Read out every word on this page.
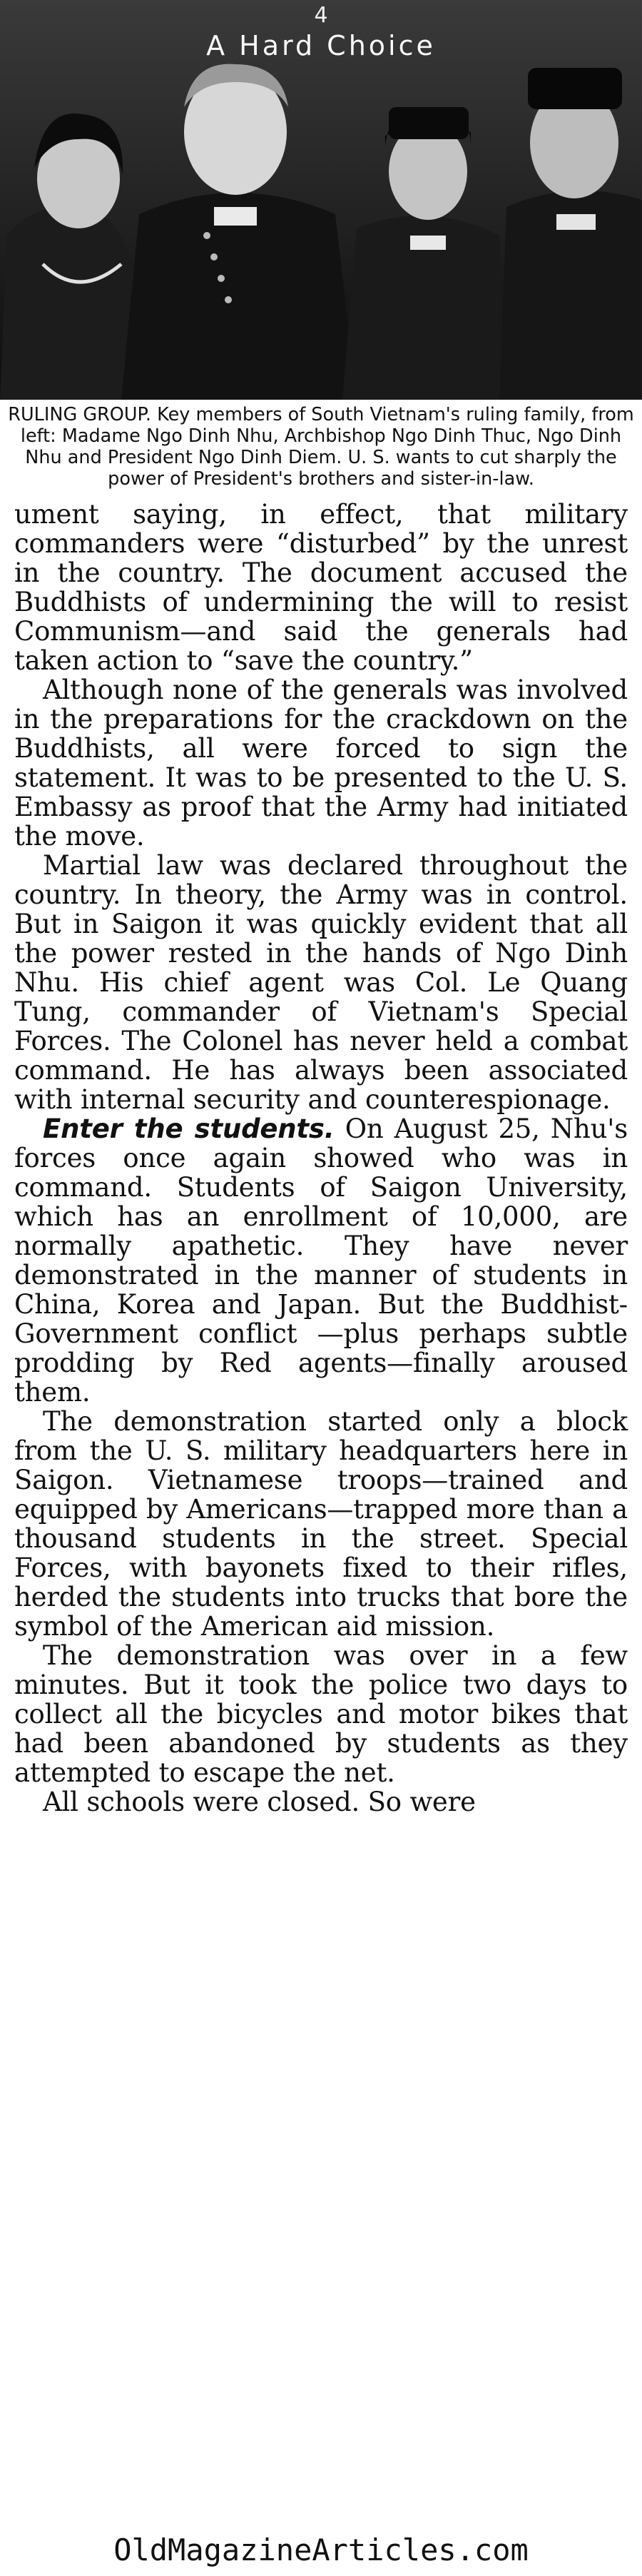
4
A Hard Choice
RULING GROUP. Key members of South Vietnam's ruling family, from left: Madame Ngo Dinh Nhu, Archbishop Ngo Dinh Thuc, Ngo Dinh Nhu and President Ngo Dinh Diem. U. S. wants to cut sharply the power of President's brothers and sister-in-law.

ument saying, in effect, that military commanders were “disturbed” by the unrest in the country. The document accused the Buddhists of undermining the will to resist Communism—and said the generals had taken action to “save the country.”

Although none of the generals was involved in the preparations for the crackdown on the Buddhists, all were forced to sign the statement. It was to be presented to the U. S. Embassy as proof that the Army had initiated the move.

Martial law was declared throughout the country. In theory, the Army was in control. But in Saigon it was quickly evident that all the power rested in the hands of Ngo Dinh Nhu. His chief agent was Col. Le Quang Tung, commander of Vietnam's Special Forces. The Colonel has never held a combat command. He has always been associated with internal security and counterespionage.

Enter the students. On August 25, Nhu's forces once again showed who was in command. Students of Saigon University, which has an enrollment of 10,000, are normally apathetic. They have never demonstrated in the manner of students in China, Korea and Japan. But the Buddhist-Government conflict —plus perhaps subtle prodding by Red agents—finally aroused them.

The demonstration started only a block from the U. S. military headquarters here in Saigon. Vietnamese troops—trained and equipped by Americans—trapped more than a thousand students in the street. Special Forces, with bayonets fixed to their rifles, herded the students into trucks that bore the symbol of the American aid mission.

The demonstration was over in a few minutes. But it took the police two days to collect all the bicycles and motor bikes that had been abandoned by students as they attempted to escape the net.

All schools were closed. So were

OldMagazineArticles.com
